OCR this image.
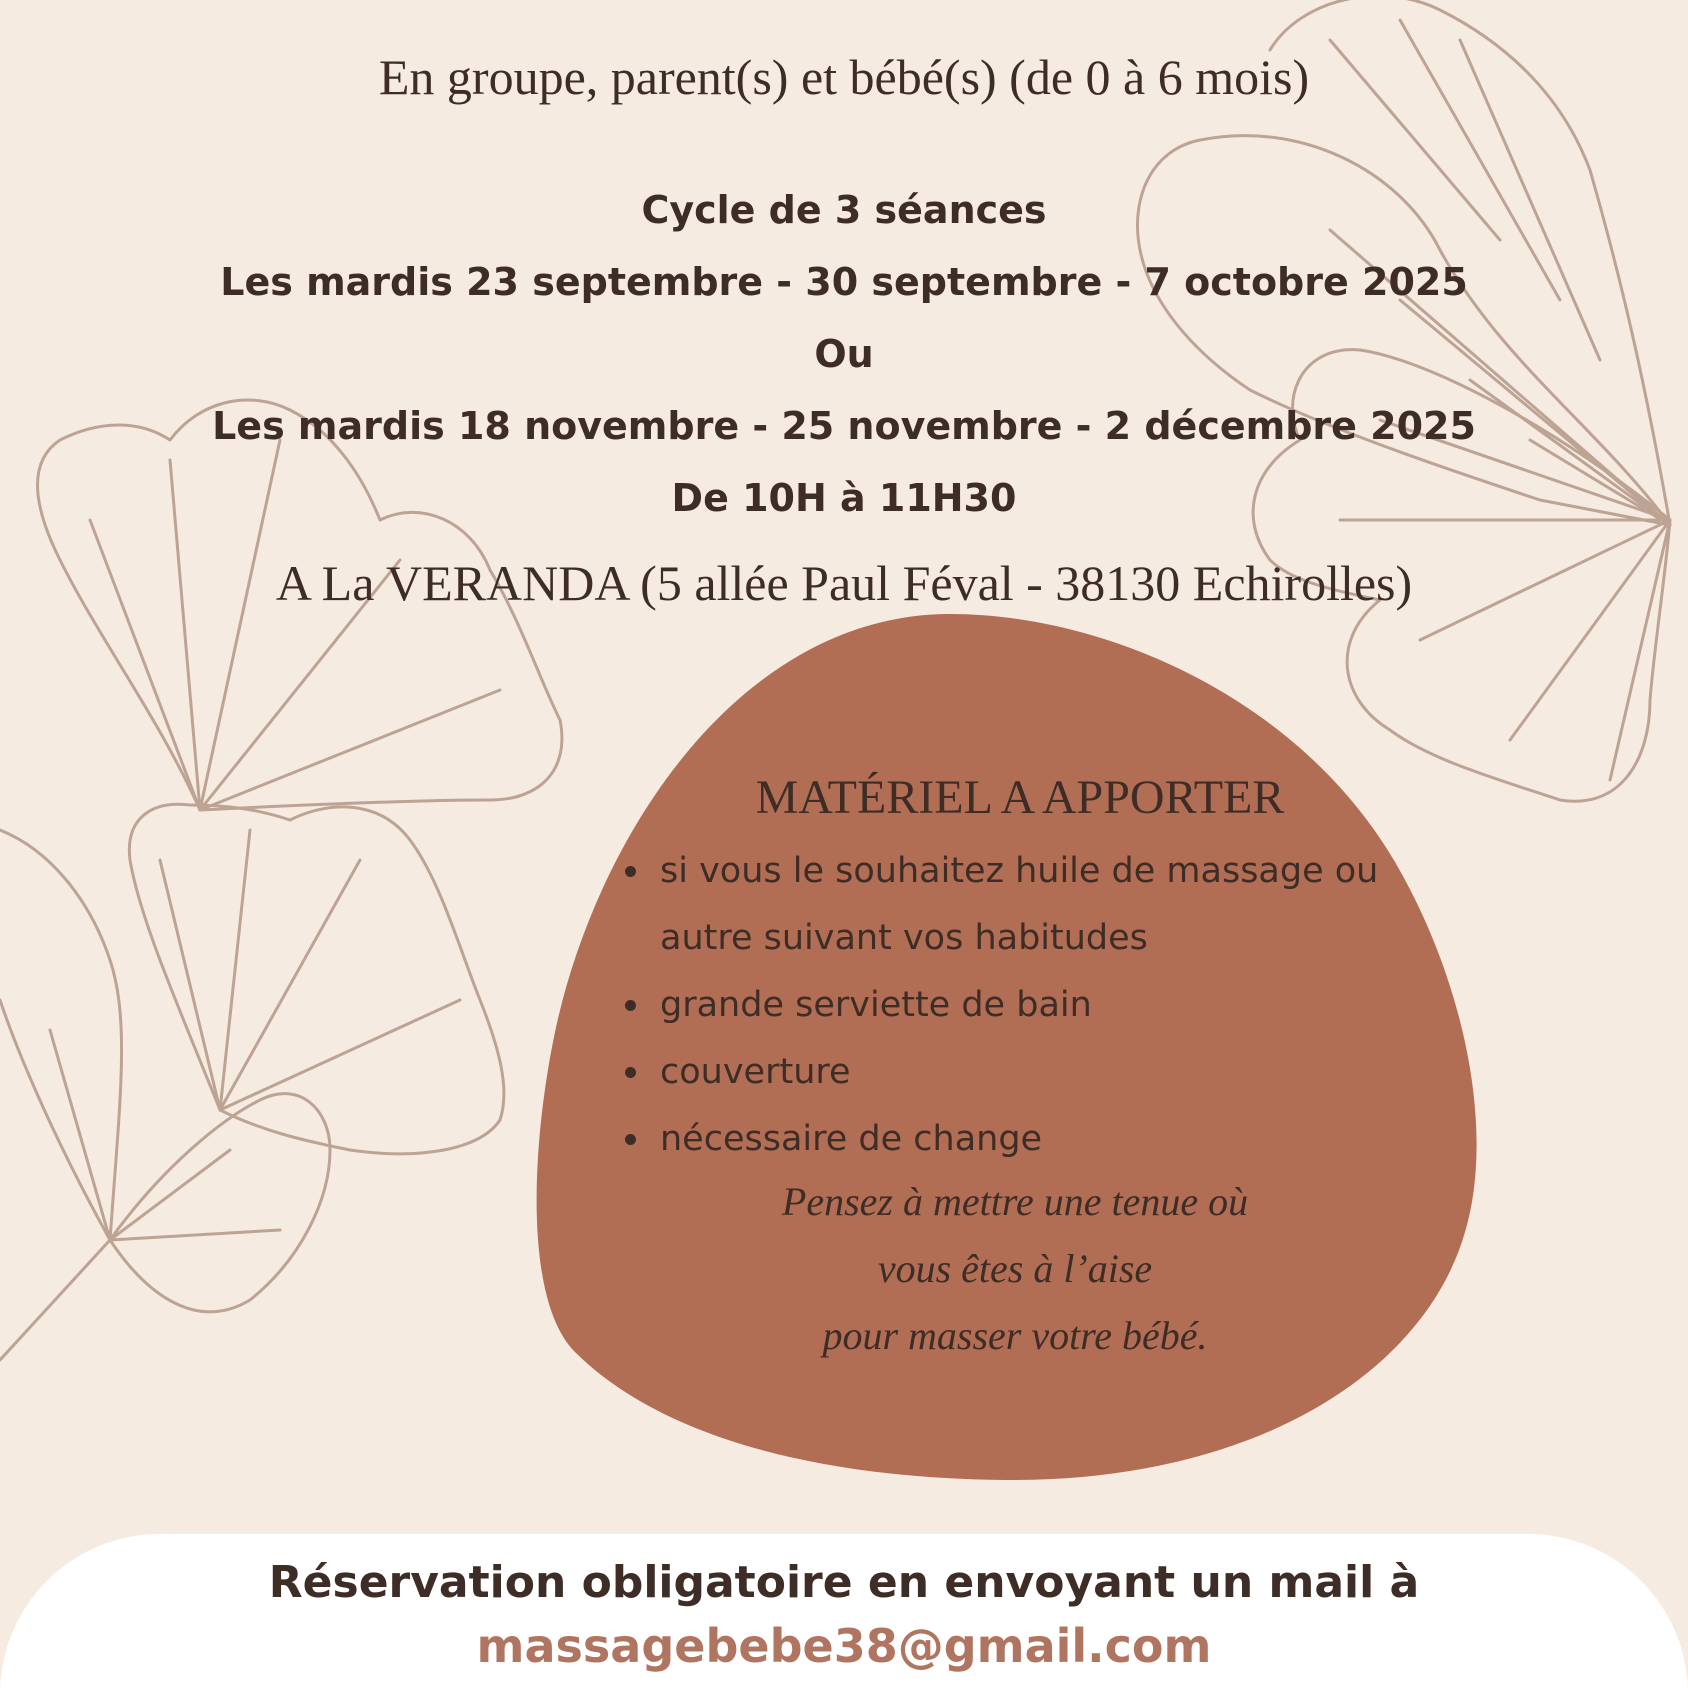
En groupe, parent(s) et bébé(s) (de 0 à 6 mois)
Cycle de 3 séances
Les mardis 23 septembre - 30 septembre - 7 octobre 2025
Ou
Les mardis 18 novembre - 25 novembre - 2 décembre 2025
De 10H à 11H30
A La VERANDA (5 allée Paul Féval - 38130 Echirolles)
MATÉRIEL A APPORTER
si vous le souhaitez huile de massage ou autre suivant vos habitudes
grande serviette de bain
couverture
nécessaire de change
Pensez à mettre une tenue où
vous êtes à l’aise
pour masser votre bébé.
Réservation obligatoire en envoyant un mail à
massagebebe38@gmail.com
